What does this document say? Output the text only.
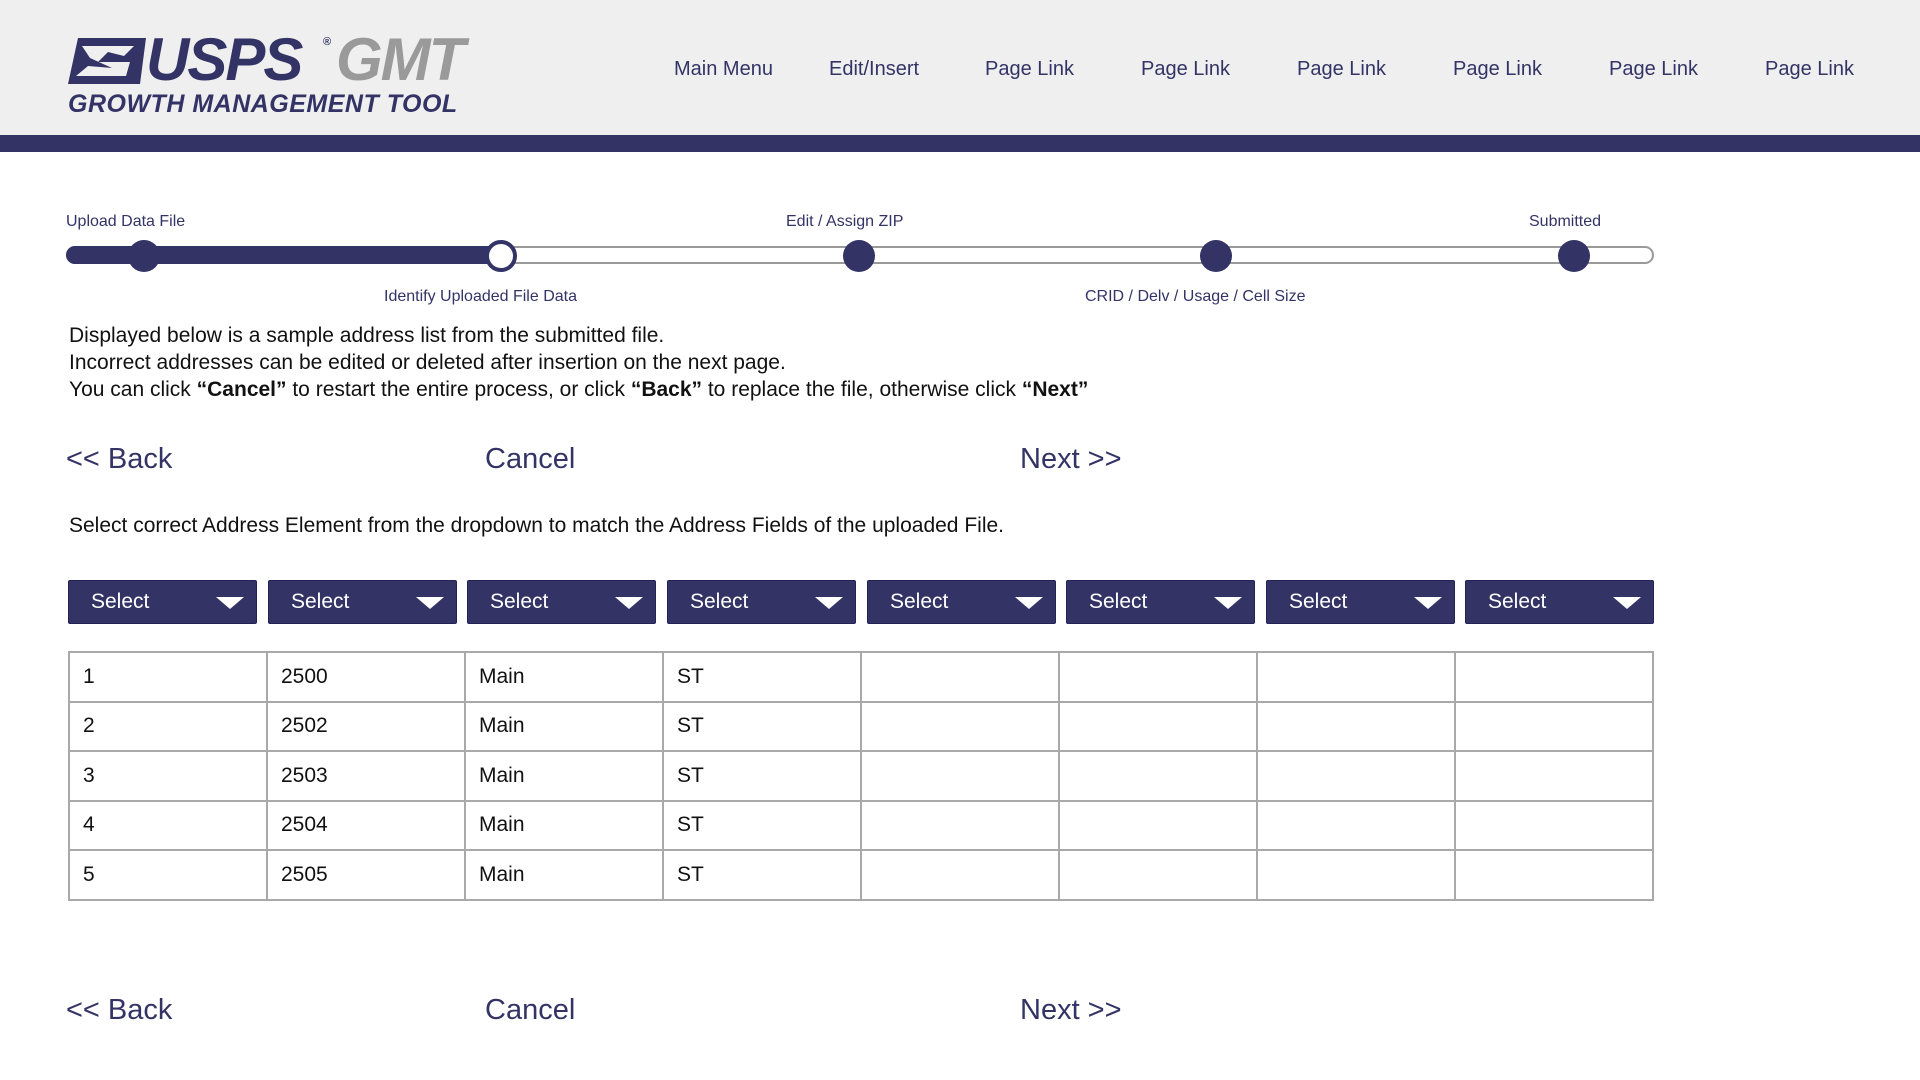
USPS ® GMT
GROWTH MANAGEMENT TOOL
Main Menu	Edit/Insert	Page Link	Page Link	Page Link	Page Link	Page Link	Page Link
Upload Data File	Edit / Assign ZIP	Submitted
Identify Uploaded File Data	CRID / Delv / Usage / Cell Size
Displayed below is a sample address list from the submitted file.
Incorrect addresses can be edited or deleted after insertion on the next page.
You can click “Cancel” to restart the entire process, or click “Back” to replace the file, otherwise click “Next”
<< Back	Cancel	Next >>
Select correct Address Element from the dropdown to match the Address Fields of the uploaded File.
Select	Select	Select	Select	Select	Select	Select	Select
1	2500	Main	ST				
2	2502	Main	ST				
3	2503	Main	ST				
4	2504	Main	ST				
5	2505	Main	ST				
<< Back	Cancel	Next >>
